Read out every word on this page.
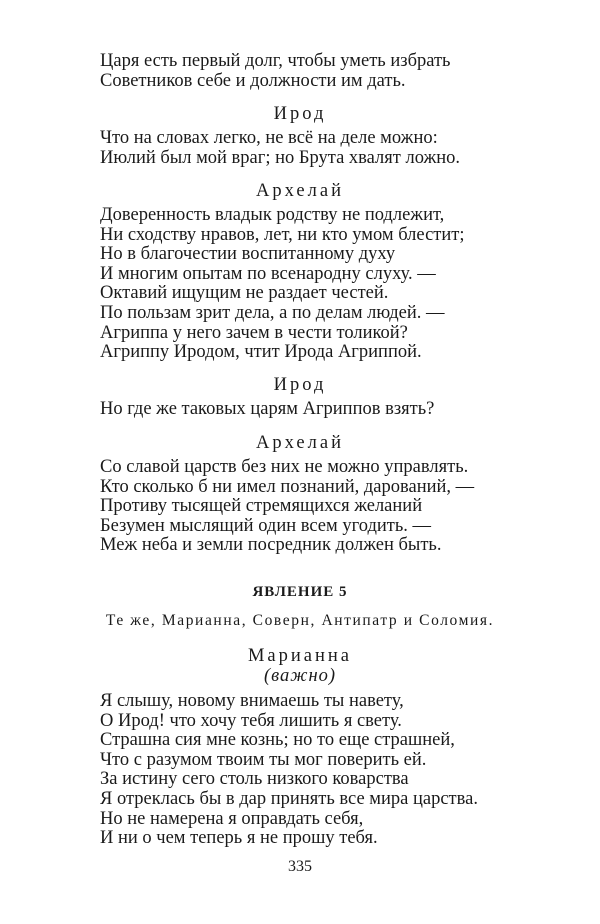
Царя есть первый долг, чтобы уметь избрать
Советников себе и должности им дать.
Ирод
Что на словах легко, не всё на деле можно:
Июлий был мой враг; но Брута хвалят ложно.
Архелай
Доверенность владык родству не подлежит,
Ни сходству нравов, лет, ни кто умом блестит;
Но в благочестии воспитанному духу
И многим опытам по всенародну слуху. —
Октавий ищущим не раздает честей.
По пользам зрит дела, а по делам людей. —
Агриппа у него зачем в чести толикой?
Агриппу Иродом, чтит Ирода Агриппой.
Ирод
Но где же таковых царям Агриппов взять?
Архелай
Со славой царств без них не можно управлять.
Кто сколько б ни имел познаний, дарований, —
Противу тысящей стремящихся желаний
Безумен мыслящий один всем угодить. —
Меж неба и земли посредник должен быть.
ЯВЛЕНИЕ 5
Те же, Марианна, Соверн, Антипатр и Соломия.
Марианна
(важно)
Я слышу, новому внимаешь ты навету,
О Ирод! что хочу тебя лишить я свету.
Страшна сия мне кознь; но то еще страшней,
Что с разумом твоим ты мог поверить ей.
За истину сего столь низкого коварства
Я отреклась бы в дар принять все мира царства.
Но не намерена я оправдать себя,
И ни о чем теперь я не прошу тебя.
335
